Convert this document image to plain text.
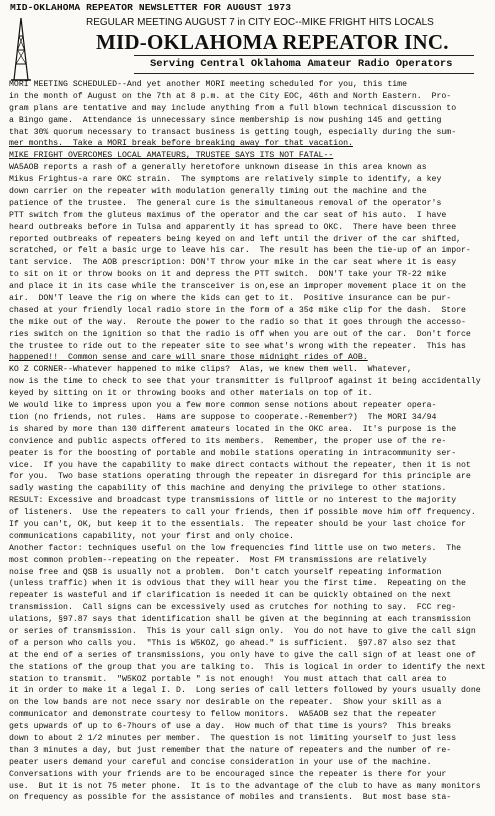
MID-OKLAHOMA REPEATOR NEWSLETTER FOR AUGUST 1973
REGULAR MEETING AUGUST 7 in CITY EOC--MIKE FRIGHT HITS LOCALS
MID-OKLAHOMA REPEATOR INC.
Serving Central Oklahoma Amateur Radio Operators
MORI MEETING SCHEDULED--And yet another MORI meeting scheduled for you, this time
in the month of August on the 7th at 8 p.m. at the City EOC, 46th and North Eastern.  Pro-
gram plans are tentative and may include anything from a full blown technical discussion to
a Bingo game.  Attendance is unnecessary since membership is now pushing 145 and getting
that 30% quorum necessary to transact business is getting tough, especially during the sum-
mer months.  Take a MORI break before breaking away for that vacation.
MIKE FRIGHT OVERCOMES LOCAL AMATEURS, TRUSTEE SAYS ITS NOT FATAL--
WA5AOB reports a rash of a generally heretofore unknown disease in this area known as
Mikus Frightus-a rare OKC strain.  The symptoms are relatively simple to identify, a key
down carrier on the repeater with modulation generally timing out the machine and the
patience of the trustee.  The general cure is the simultaneous removal of the operator's
PTT switch from the gluteus maximus of the operator and the car seat of his auto.  I have
heard outbreaks before in Tulsa and apparently it has spread to OKC.  There have been three
reported outbreaks of repeaters being keyed on and left until the driver of the car shifted,
scratched, or felt a basic urge to leave his car.  The result has been the tie-up of an impor-
tant service.  The AOB prescription: DON'T throw your mike in the car seat where it is easy
to sit on it or throw books on it and depress the PTT switch.  DON'T take your TR-22 mike
and place it in its case while the transceiver is on,ese an improper movement place it on the
air.  DON'T leave the rig on where the kids can get to it.  Positive insurance can be pur-
chased at your friendly local radio store in the form of a 35¢ mike clip for the dash.  Store
the mike out of the way.  Reroute the power to the radio so that it goes through the accesso-
ries switch on the ignition so that the radio is off when you are out of the car.  Don't force
the trustee to ride out to the repeater site to see what's wrong with the repeater.  This has
happened!!  Common sense and care will snare those midnight rides of AOB.
KO Z CORNER--Whatever happened to mike clips?  Alas, we knew them well.  Whatever,
now is the time to check to see that your transmitter is fullproof against it being accidentally
keyed by sitting on it or throwing books and other materials on top of it.
We would like to impress upon you a few more common sense notions about repeater opera-
tion (no friends, not rules.  Hams are suppose to cooperate.-Remember?)  The MORI 34/94
is shared by more than 130 different amateurs located in the OKC area.  It's purpose is the
convience and public aspects offered to its members.  Remember, the proper use of the re-
peater is for the boosting of portable and mobile stations operating in intracommunity ser-
vice.  If you have the capability to make direct contacts without the repeater, then it is not
for you.  Two base stations operating through the repeater in disregard for this principle are
sadly wasting the capability of this machine and denying the privilege to other stations.
RESULT: Excessive and broadcast type transmissions of little or no interest to the majority
of listeners.  Use the repeaters to call your friends, then if possible move him off frequency.
If you can't, OK, but keep it to the essentials.  The repeater should be your last choice for
communications capability, not your first and only choice.
Another factor: techniques useful on the low frequencies find little use on two meters.  The
most common problem--repeating on the repeater.  Most FM transmissions are relatively
noise free and QSB is usually not a problem.  Don't catch yourself repeating information
(unless traffic) when it is odvious that they will hear you the first time.  Repeating on the
repeater is wasteful and if clarification is needed it can be quickly obtained on the next
transmission.  Call signs can be excessively used as crutches for nothing to say.  FCC reg-
ulations, §97.87 says that identification shall be given at the beginning at each transmission
or series of transmission.  This is your call sign only.  You do not have to give the call sign
of a person who calls you.  "This is W5KOZ, go ahead." is sufficient.  §97.87 also sez that
at the end of a series of transmissions, you only have to give the call sign of at least one of
the stations of the group that you are talking to.  This is logical in order to identify the next
station to transmit.  "W5KOZ portable " is not enough!  You must attach that call area to
it in order to make it a legal I. D.  Long series of call letters followed by yours usually done
on the low bands are not nece ssary nor desirable on the repeater.  Show your skill as a
communicator and demonstrate courtesy to fellow monitors.  WA5AOB sez that the repeater
gets upwards of up to 6-7hours of use a day.  How much of that time is yours?  This breaks
down to about 2 1/2 minutes per member.  The question is not limiting yourself to just less
than 3 minutes a day, but just remember that the nature of repeaters and the number of re-
peater users demand your careful and concise consideration in your use of the machine.
Conversations with your friends are to be encouraged since the repeater is there for your
use.  But it is not 75 meter phone.  It is to the advantage of the club to have as many monitors
on frequency as possible for the assistance of mobiles and transients.  But most base sta-
